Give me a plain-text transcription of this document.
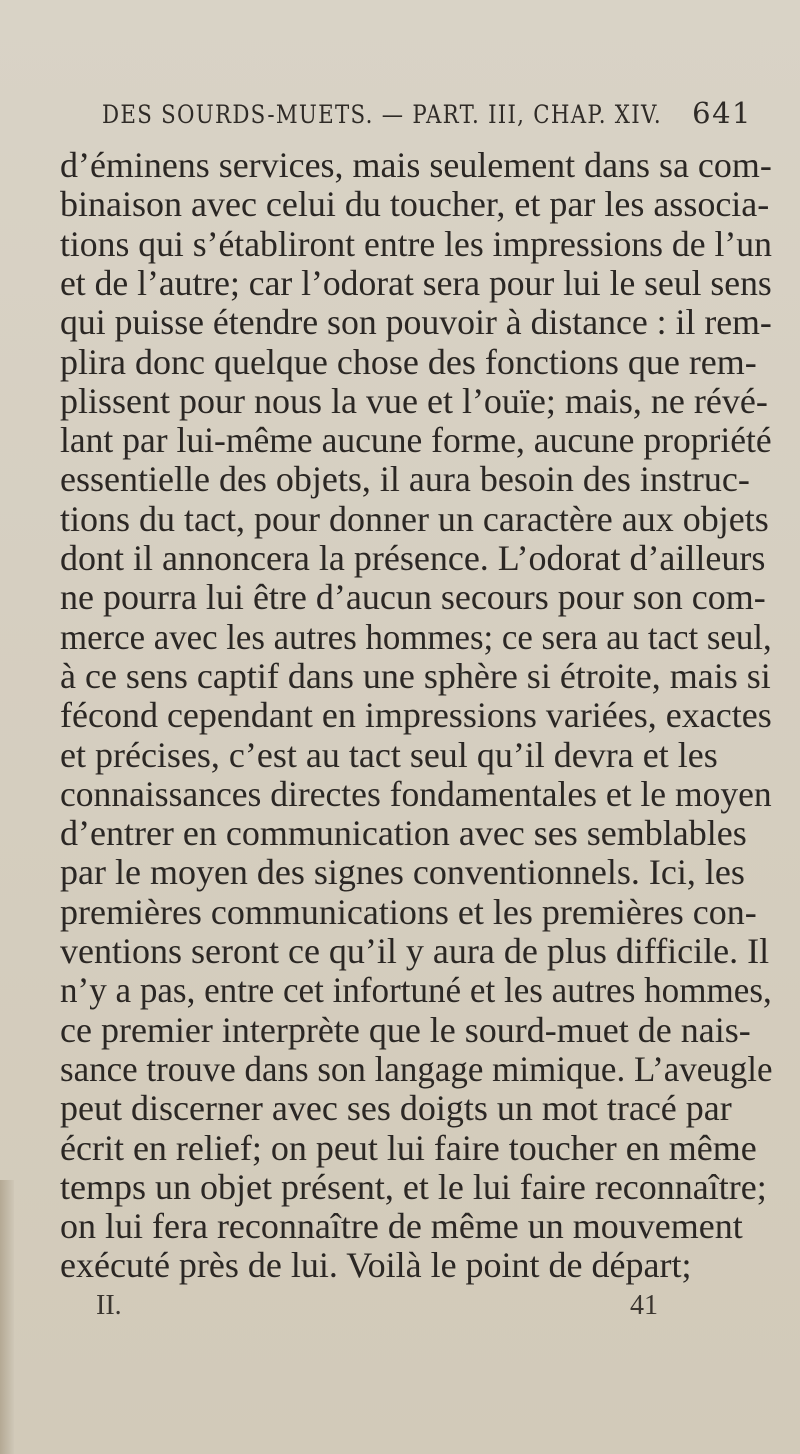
DES SOURDS-MUETS. — PART. III, CHAP. XIV. 641
d’éminens services, mais seulement dans sa com-
binaison avec celui du toucher, et par les associa-
tions qui s’établiront entre les impressions de l’un
et de l’autre; car l’odorat sera pour lui le seul sens
qui puisse étendre son pouvoir à distance : il rem-
plira donc quelque chose des fonctions que rem-
plissent pour nous la vue et l’ouïe; mais, ne révé-
lant par lui-même aucune forme, aucune propriété
essentielle des objets, il aura besoin des instruc-
tions du tact, pour donner un caractère aux objets
dont il annoncera la présence. L’odorat d’ailleurs
ne pourra lui être d’aucun secours pour son com-
merce avec les autres hommes; ce sera au tact seul,
à ce sens captif dans une sphère si étroite, mais si
fécond cependant en impressions variées, exactes
et précises, c’est au tact seul qu’il devra et les
connaissances directes fondamentales et le moyen
d’entrer en communication avec ses semblables
par le moyen des signes conventionnels. Ici, les
premières communications et les premières con-
ventions seront ce qu’il y aura de plus difficile. Il
n’y a pas, entre cet infortuné et les autres hommes,
ce premier interprète que le sourd-muet de nais-
sance trouve dans son langage mimique. L’aveugle
peut discerner avec ses doigts un mot tracé par
écrit en relief; on peut lui faire toucher en même
temps un objet présent, et le lui faire reconnaître;
on lui fera reconnaître de même un mouvement
exécuté près de lui. Voilà le point de départ;
II.	41
